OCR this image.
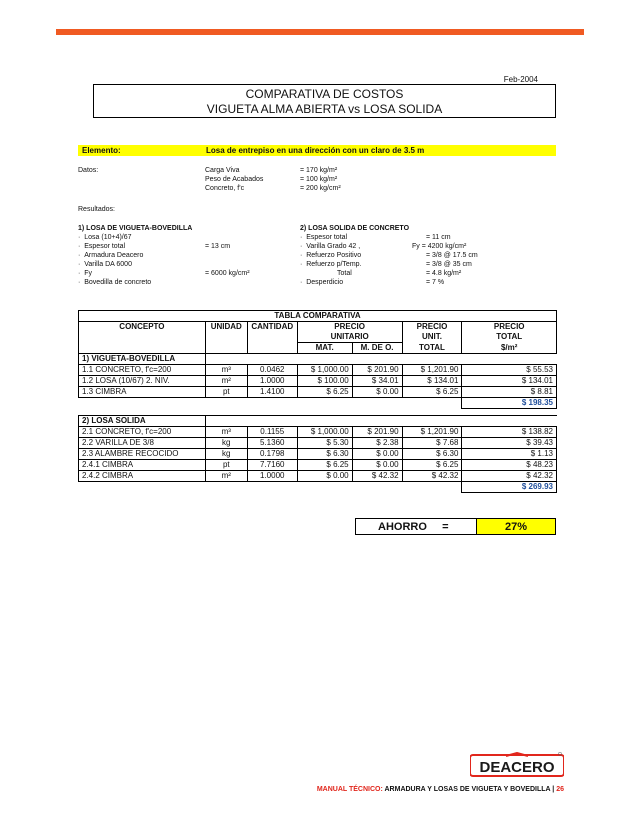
Feb-2004
COMPARATIVA DE COSTOS
VIGUETA ALMA ABIERTA vs LOSA SOLIDA
Elemento:	Losa de entrepiso en una dirección con un claro de 3.5 m
Datos:	Carga Viva	= 170 kg/m²
Peso de Acabados	= 100 kg/m²
Concreto, f'c	= 200 kg/cm²
Resultados:
1) LOSA DE VIGUETA-BOVEDILLA
·  Losa (10+4)/67
·  Espesor total	= 13 cm
·  Armadura Deacero
·  Varilla DA 6000
·  Fy	= 6000 kg/cm²
·  Bovedilla de concreto
2) LOSA SOLIDA DE CONCRETO
·  Espesor total	= 11 cm
·  Varilla Grado 42 ,	Fy = 4200 kg/cm²
·  Refuerzo Positivo	= 3/8 @ 17.5 cm
·  Refuerzo p/Temp.	= 3/8 @ 35 cm
Total	= 4.8 kg/m²
·  Desperdicio	= 7 %
TABLA COMPARATIVA						
CONCEPTO	UNIDAD	CANTIDAD	PRECIO		PRECIO	PRECIO
			UNITARIO		UNIT.	TOTAL
			MAT.	M. DE O.	TOTAL	$/m²
1) VIGUETA-BOVEDILLA						
1.1 CONCRETO, f'c=200	m³	0.0462	$ 1,000.00	$ 201.90	$ 1,201.90	$ 55.53
1.2 LOSA (10/67) 2. NIV.	m²	1.0000	$ 100.00	$ 34.01	$ 134.01	$ 134.01
1.3 CIMBRA	pt	1.4100	$ 6.25	$ 0.00	$ 6.25	$ 8.81
						$ 198.35

2) LOSA SOLIDA						
2.1 CONCRETO, f'c=200	m³	0.1155	$ 1,000.00	$ 201.90	$ 1,201.90	$ 138.82
2.2 VARILLA DE 3/8	kg	5.1360	$ 5.30	$ 2.38	$ 7.68	$ 39.43
2.3 ALAMBRE RECOCIDO	kg	0.1798	$ 6.30	$ 0.00	$ 6.30	$ 1.13
2.4.1 CIMBRA	pt	7.7160	$ 6.25	$ 0.00	$ 6.25	$ 48.23
2.4.2 CIMBRA	m²	1.0000	$ 0.00	$ 42.32	$ 42.32	$ 42.32
						$ 269.93
AHORRO =	27%
DEACERO
MANUAL TÉCNICO: ARMADURA Y LOSAS DE VIGUETA Y BOVEDILLA | 26
